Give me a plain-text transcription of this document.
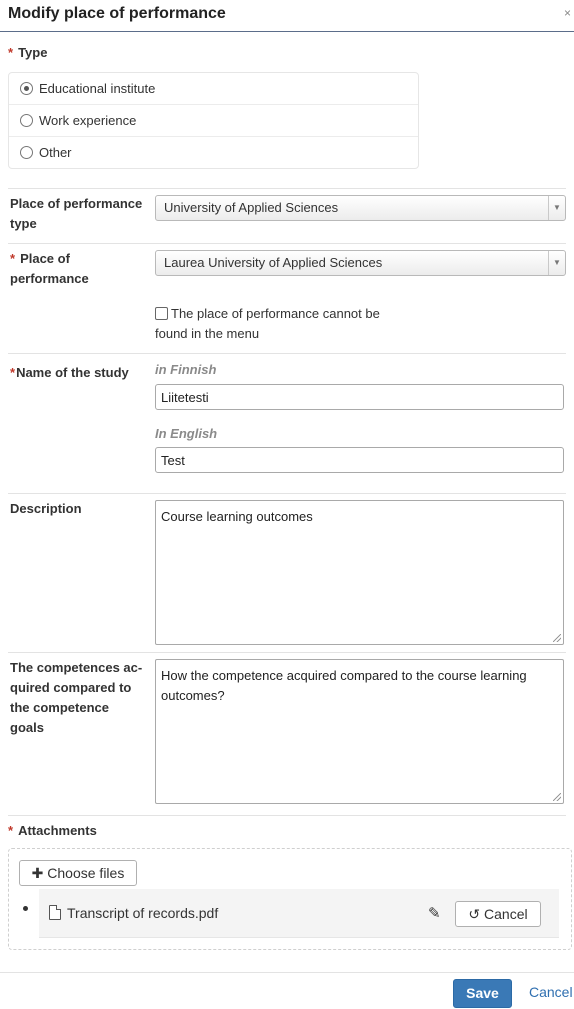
Modify place of performance	×
* Type
Educational institute
Work experience
Other
Place of performance type
University of Applied Sciences	▼
* Place of performance
Laurea University of Applied Sciences	▼
The place of performance cannot be found in the menu
*Name of the study in Finnish
Liitetesti
In English
Test
Description
Course learning outcomes
The competences ac- quired compared to the competence goals
How the competence acquired compared to the course learning outcomes?
* Attachments
✚ Choose files
Transcript of records.pdf	✎	↺ Cancel
Save	Cancel
